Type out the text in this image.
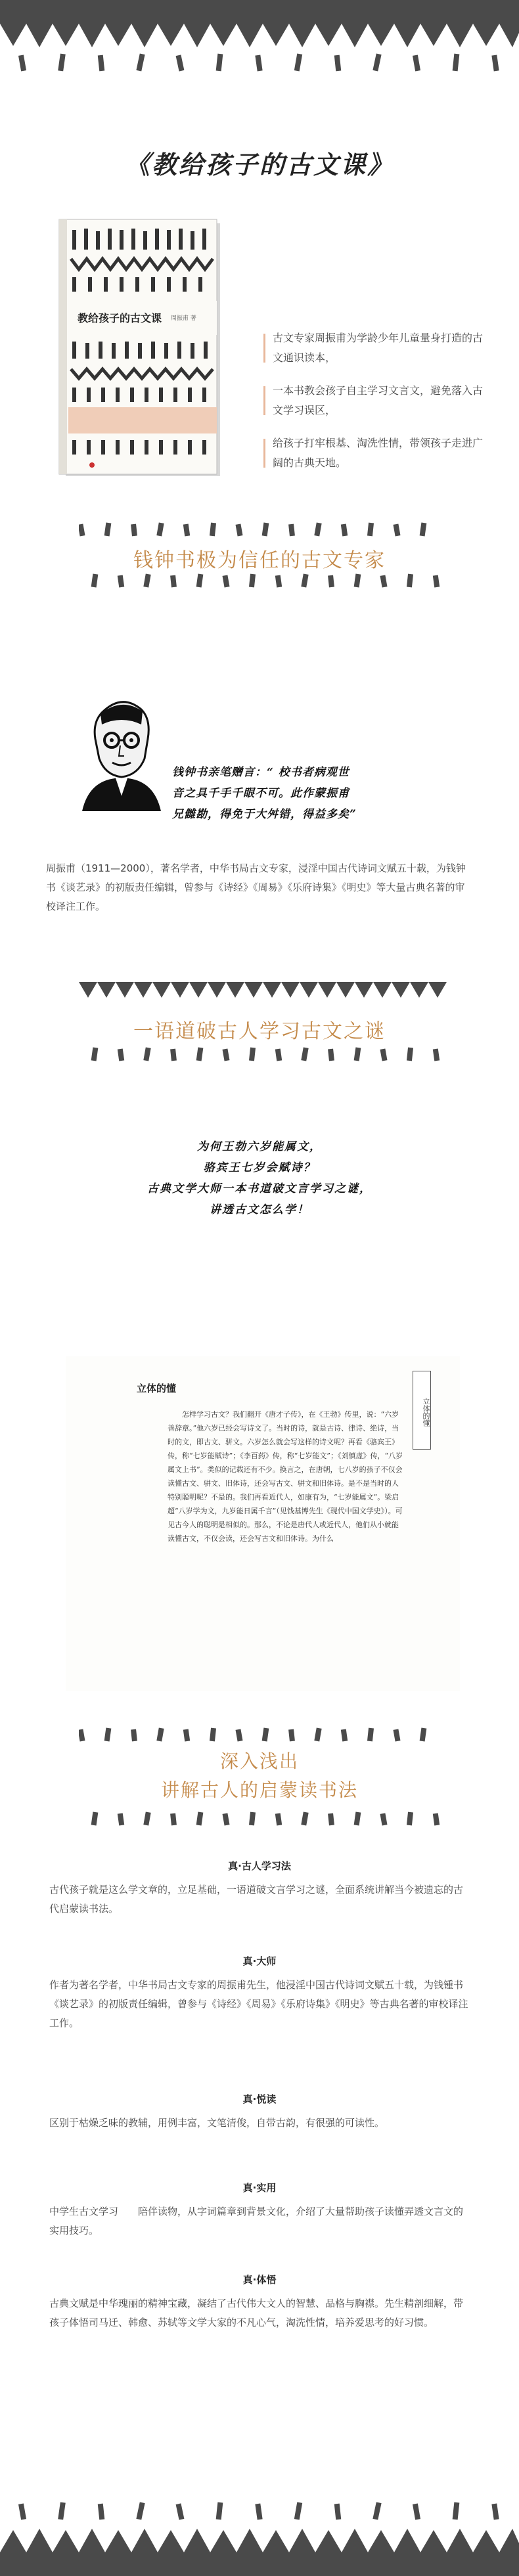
《教给孩子的古文课》
教给孩子的古文课 周振甫 著
古文专家周振甫为学龄少年儿童量身打造的古文通识读本，
一本书教会孩子自主学习文言文，避免落入古文学习误区，
给孩子打牢根基、淘洗性情，带领孩子走进广阔的古典天地。
钱钟书极为信任的古文专家
钱钟书亲笔赠言：“ 校书者病观世
音之具千手千眼不可。此作蒙振甫
兄雠勘，得免于大舛错，得益多矣”
周振甫（1911—2000），著名学者，中华书局古文专家，浸淫中国古代诗词文赋五十载，为钱钟书《谈艺录》的初版责任编辑，曾参与《诗经》《周易》《乐府诗集》《明史》等大量古典名著的审校译注工作。
一语道破古人学习古文之谜
为何王勃六岁能属文，
骆宾王七岁会赋诗？
古典文学大师一本书道破文言学习之谜，
讲透古文怎么学！
立体的懂
立体的懂
怎样学习古文？我们翻开《唐才子传》，在《王勃》传里，说：“六岁善辞章。”他六岁已经会写诗文了。当时的诗，就是古诗、律诗、绝诗，当时的文，即古文、骈文。六岁怎么就会写这样的诗文呢？再看《骆宾王》传，称“七岁能赋诗”；《李百药》传，称“七岁能文”；《刘慎虚》传，“八岁属文上书”。类似的记载还有不少。换言之，在唐朝，七八岁的孩子不仅会读懂古文、骈文、旧体诗，还会写古文、骈文和旧体诗。是不是当时的人特别聪明呢？不是的。我们再看近代人，如康有为，“七岁能属文”。梁启超“八岁学为文，九岁能日属千言”（见钱基博先生《现代中国文学史》）。可见古今人的聪明是相似的。那么，不论是唐代人或近代人，他们从小就能读懂古文，不仅会读，还会写古文和旧体诗。为什么
深入浅出
讲解古人的启蒙读书法
真·古人学习法

古代孩子就是这么学文章的，立足基础，一语道破文言学习之谜，全面系统讲解当今被遗忘的古代启蒙读书法。

真·大师

作者为著名学者，中华书局古文专家的周振甫先生，他浸淫中国古代诗词文赋五十载，为钱锺书《谈艺录》的初版责任编辑，曾参与《诗经》《周易》《乐府诗集》《明史》等古典名著的审校译注工作。

真·悦读

区别于枯燥乏味的教辅，用例丰富，文笔清俊，自带古韵，有很强的可读性。

真·实用

中学生古文学习　　陪伴读物，从字词篇章到背景文化，介绍了大量帮助孩子读懂弄透文言文的实用技巧。

真·体悟

古典文赋是中华瑰丽的精神宝藏，凝结了古代伟大文人的智慧、品格与胸襟。先生精剖细解，带孩子体悟司马迁、韩愈、苏轼等文学大家的不凡心气，淘洗性情，培养爱思考的好习惯。
